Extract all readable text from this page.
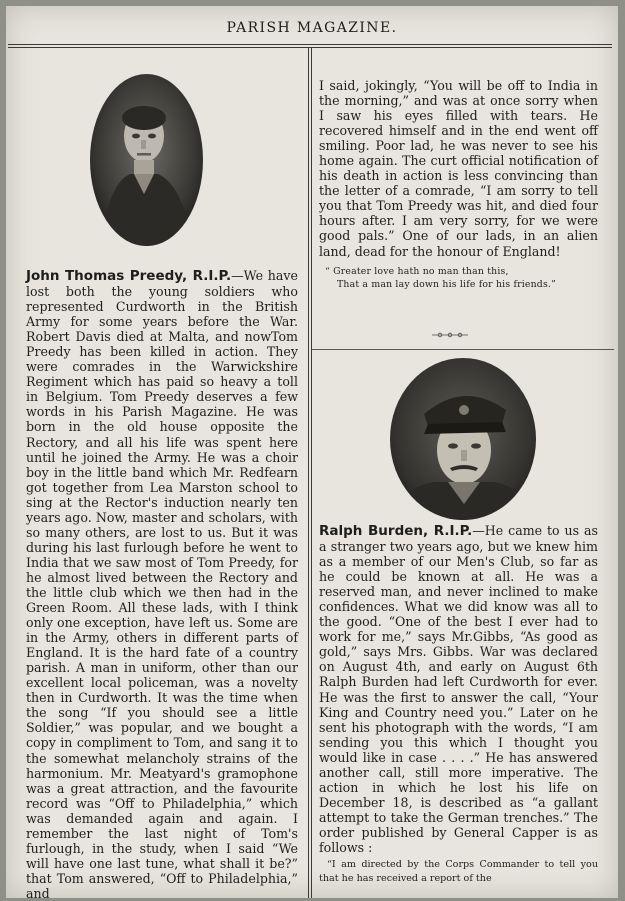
PARISH MAGAZINE.

John Thomas Preedy, R.I.P.—We have lost both the young soldiers who represented Curdworth in the British Army for some years before the War. Robert Davis died at Malta, and nowTom Preedy has been killed in action. They were comrades in the Warwickshire Regiment which has paid so heavy a toll in Belgium. Tom Preedy deserves a few words in his Parish Magazine. He was born in the old house opposite the Rectory, and all his life was spent here until he joined the Army. He was a choir boy in the little band which Mr. Redfearn got together from Lea Marston school to sing at the Rector's induction nearly ten years ago. Now, master and scholars, with so many others, are lost to us. But it was during his last furlough before he went to India that we saw most of Tom Preedy, for he almost lived between the Rectory and the little club which we then had in the Green Room. All these lads, with I think only one exception, have left us. Some are in the Army, others in different parts of England. It is the hard fate of a country parish. A man in uniform, other than our excellent local policeman, was a novelty then in Curdworth. It was the time when the song “If you should see a little Soldier,” was popular, and we bought a copy in compliment to Tom, and sang it to the somewhat melancholy strains of the harmonium. Mr. Meatyard's gramophone was a great attraction, and the favourite record was “Off to Philadelphia,” which was demanded again and again. I remember the last night of Tom's furlough, in the study, when I said “We will have one last tune, what shall it be?” that Tom answered, “Off to Philadelphia,” and

I said, jokingly, “You will be off to India in the morning,” and was at once sorry when I saw his eyes filled with tears. He recovered himself and in the end went off smiling. Poor lad, he was never to see his home again. The curt official notification of his death in action is less convincing than the letter of a comrade, “I am sorry to tell you that Tom Preedy was hit, and died four hours after. I am very sorry, for we were good pals.” One of our lads, in an alien land, dead for the honour of England!

“ Greater love hath no man than this,
That a man lay down his life for his friends.”

Ralph Burden, R.I.P.—He came to us as a stranger two years ago, but we knew him as a member of our Men's Club, so far as he could be known at all. He was a reserved man, and never inclined to make confidences. What we did know was all to the good. “One of the best I ever had to work for me,” says Mr.Gibbs, “As good as gold,” says Mrs. Gibbs. War was declared on August 4th, and early on August 6th Ralph Burden had left Curdworth for ever. He was the first to answer the call, “Your King and Country need you.” Later on he sent his photograph with the words, “I am sending you this which I thought you would like in case . . . .” He has answered another call, still more imperative. The action in which he lost his life on December 18, is described as “a gallant attempt to take the German trenches.” The order published by General Capper is as follows :

“I am directed by the Corps Commander to tell you that he has received a report of the
